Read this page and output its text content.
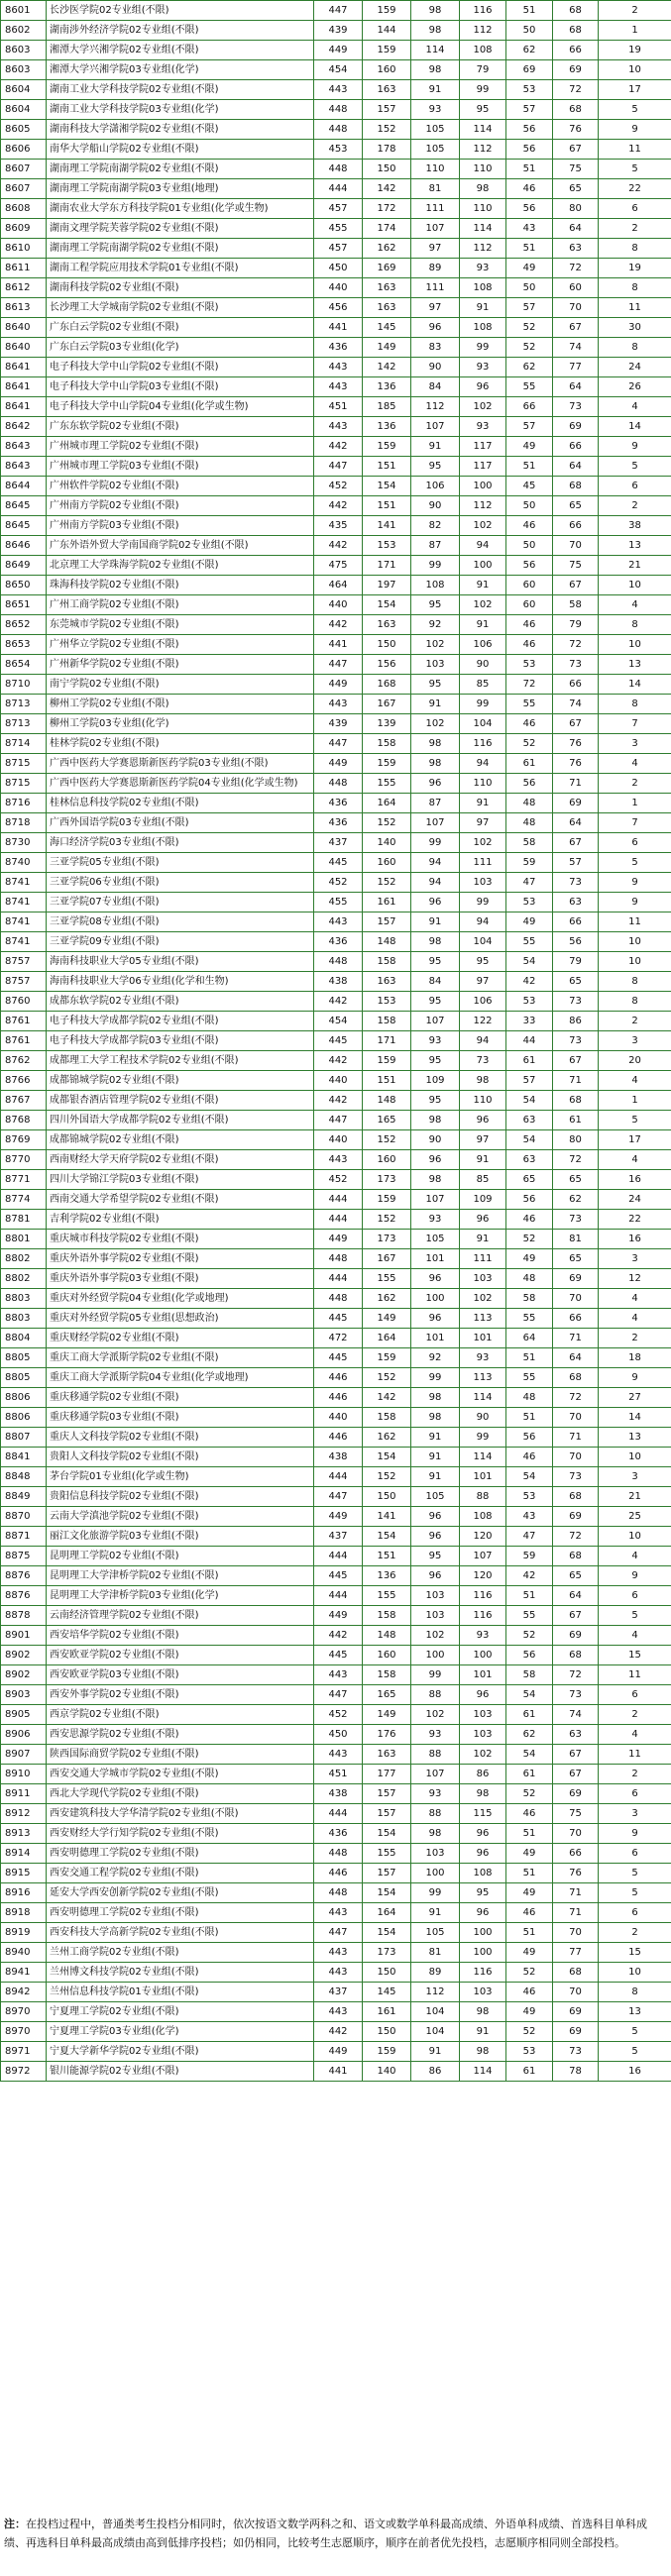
8601	长沙医学院02专业组(不限)	447	159	98	116	51	68	2
8602	湖南涉外经济学院02专业组(不限)	439	144	98	112	50	68	1
8603	湘潭大学兴湘学院02专业组(不限)	449	159	114	108	62	66	19
8603	湘潭大学兴湘学院03专业组(化学)	454	160	98	79	69	69	10
8604	湖南工业大学科技学院02专业组(不限)	443	163	91	99	53	72	17
8604	湖南工业大学科技学院03专业组(化学)	448	157	93	95	57	68	5
8605	湖南科技大学潇湘学院02专业组(不限)	448	152	105	114	56	76	9
8606	南华大学船山学院02专业组(不限)	453	178	105	112	56	67	11
8607	湖南理工学院南湖学院02专业组(不限)	448	150	110	110	51	75	5
8607	湖南理工学院南湖学院03专业组(地理)	444	142	81	98	46	65	22
8608	湖南农业大学东方科技学院01专业组(化学或生物)	457	172	111	110	56	80	6
8609	湖南文理学院芙蓉学院02专业组(不限)	455	174	107	114	43	64	2
8610	湖南理工学院南湖学院02专业组(不限)	457	162	97	112	51	63	8
8611	湖南工程学院应用技术学院01专业组(不限)	450	169	89	93	49	72	19
8612	湖南科技学院02专业组(不限)	440	163	111	108	50	60	8
8613	长沙理工大学城南学院02专业组(不限)	456	163	97	91	57	70	11
8640	广东白云学院02专业组(不限)	441	145	96	108	52	67	30
8640	广东白云学院03专业组(化学)	436	149	83	99	52	74	8
8641	电子科技大学中山学院02专业组(不限)	443	142	90	93	62	77	24
8641	电子科技大学中山学院03专业组(不限)	443	136	84	96	55	64	26
8641	电子科技大学中山学院04专业组(化学或生物)	451	185	112	102	66	73	4
8642	广东东软学院02专业组(不限)	443	136	107	93	57	69	14
8643	广州城市理工学院02专业组(不限)	442	159	91	117	49	66	9
8643	广州城市理工学院03专业组(不限)	447	151	95	117	51	64	5
8644	广州软件学院02专业组(不限)	452	154	106	100	45	68	6
8645	广州南方学院02专业组(不限)	442	151	90	112	50	65	2
8645	广州南方学院03专业组(不限)	435	141	82	102	46	66	38
8646	广东外语外贸大学南国商学院02专业组(不限)	442	153	87	94	50	70	13
8649	北京理工大学珠海学院02专业组(不限)	475	171	99	100	56	75	21
8650	珠海科技学院02专业组(不限)	464	197	108	91	60	67	10
8651	广州工商学院02专业组(不限)	440	154	95	102	60	58	4
8652	东莞城市学院02专业组(不限)	442	163	92	91	46	79	8
8653	广州华立学院02专业组(不限)	441	150	102	106	46	72	10
8654	广州新华学院02专业组(不限)	447	156	103	90	53	73	13
8710	南宁学院02专业组(不限)	449	168	95	85	72	66	14
8713	柳州工学院02专业组(不限)	443	167	91	99	55	74	8
8713	柳州工学院03专业组(化学)	439	139	102	104	46	67	7
8714	桂林学院02专业组(不限)	447	158	98	116	52	76	3
8715	广西中医药大学赛恩斯新医药学院03专业组(不限)	449	159	98	94	61	76	4
8715	广西中医药大学赛恩斯新医药学院04专业组(化学或生物)	448	155	96	110	56	71	2
8716	桂林信息科技学院02专业组(不限)	436	164	87	91	48	69	1
8718	广西外国语学院03专业组(不限)	436	152	107	97	48	64	7
8730	海口经济学院03专业组(不限)	437	140	99	102	58	67	6
8740	三亚学院05专业组(不限)	445	160	94	111	59	57	5
8741	三亚学院06专业组(不限)	452	152	94	103	47	73	9
8741	三亚学院07专业组(不限)	455	161	96	99	53	63	9
8741	三亚学院08专业组(不限)	443	157	91	94	49	66	11
8741	三亚学院09专业组(不限)	436	148	98	104	55	56	10
8757	海南科技职业大学05专业组(不限)	448	158	95	95	54	79	10
8757	海南科技职业大学06专业组(化学和生物)	438	163	84	97	42	65	8
8760	成都东软学院02专业组(不限)	442	153	95	106	53	73	8
8761	电子科技大学成都学院02专业组(不限)	454	158	107	122	33	86	2
8761	电子科技大学成都学院03专业组(不限)	445	171	93	94	44	73	3
8762	成都理工大学工程技术学院02专业组(不限)	442	159	95	73	61	67	20
8766	成都锦城学院02专业组(不限)	440	151	109	98	57	71	4
8767	成都银杏酒店管理学院02专业组(不限)	442	148	95	110	54	68	1
8768	四川外国语大学成都学院02专业组(不限)	447	165	98	96	63	61	5
8769	成都锦城学院02专业组(不限)	440	152	90	97	54	80	17
8770	西南财经大学天府学院02专业组(不限)	443	160	96	91	63	72	4
8771	四川大学锦江学院03专业组(不限)	452	173	98	85	65	65	16
8774	西南交通大学希望学院02专业组(不限)	444	159	107	109	56	62	24
8781	吉利学院02专业组(不限)	444	152	93	96	46	73	22
8801	重庆城市科技学院02专业组(不限)	449	173	105	91	52	81	16
8802	重庆外语外事学院02专业组(不限)	448	167	101	111	49	65	3
8802	重庆外语外事学院03专业组(不限)	444	155	96	103	48	69	12
8803	重庆对外经贸学院04专业组(化学或地理)	448	162	100	102	58	70	4
8803	重庆对外经贸学院05专业组(思想政治)	445	149	96	113	55	66	4
8804	重庆财经学院02专业组(不限)	472	164	101	101	64	71	2
8805	重庆工商大学派斯学院02专业组(不限)	445	159	92	93	51	64	18
8805	重庆工商大学派斯学院04专业组(化学或地理)	446	152	99	113	55	68	9
8806	重庆移通学院02专业组(不限)	446	142	98	114	48	72	27
8806	重庆移通学院03专业组(不限)	440	158	98	90	51	70	14
8807	重庆人文科技学院02专业组(不限)	446	162	91	99	56	71	13
8841	贵阳人文科技学院02专业组(不限)	438	154	91	114	46	70	10
8848	茅台学院01专业组(化学或生物)	444	152	91	101	54	73	3
8849	贵阳信息科技学院02专业组(不限)	447	150	105	88	53	68	21
8870	云南大学滇池学院02专业组(不限)	449	141	96	108	43	69	25
8871	丽江文化旅游学院03专业组(不限)	437	154	96	120	47	72	10
8875	昆明理工学院02专业组(不限)	444	151	95	107	59	68	4
8876	昆明理工大学津桥学院02专业组(不限)	445	136	96	120	42	65	9
8876	昆明理工大学津桥学院03专业组(化学)	444	155	103	116	51	64	6
8878	云南经济管理学院02专业组(不限)	449	158	103	116	55	67	5
8901	西安培华学院02专业组(不限)	442	148	102	93	52	69	4
8902	西安欧亚学院02专业组(不限)	445	160	100	100	56	68	15
8902	西安欧亚学院03专业组(不限)	443	158	99	101	58	72	11
8903	西安外事学院02专业组(不限)	447	165	88	96	54	73	6
8905	西京学院02专业组(不限)	452	149	102	103	61	74	2
8906	西安思源学院02专业组(不限)	450	176	93	103	62	63	4
8907	陕西国际商贸学院02专业组(不限)	443	163	88	102	54	67	11
8910	西安交通大学城市学院02专业组(不限)	451	177	107	86	61	67	2
8911	西北大学现代学院02专业组(不限)	438	157	93	98	52	69	6
8912	西安建筑科技大学华清学院02专业组(不限)	444	157	88	115	46	75	3
8913	西安财经大学行知学院02专业组(不限)	436	154	98	96	51	70	9
8914	西安明德理工学院02专业组(不限)	448	155	103	96	49	66	6
8915	西安交通工程学院02专业组(不限)	446	157	100	108	51	76	5
8916	延安大学西安创新学院02专业组(不限)	448	154	99	95	49	71	5
8918	西安明德理工学院02专业组(不限)	443	164	91	96	46	71	6
8919	西安科技大学高新学院02专业组(不限)	447	154	105	100	51	70	2
8940	兰州工商学院02专业组(不限)	443	173	81	100	49	77	15
8941	兰州博文科技学院02专业组(不限)	443	150	89	116	52	68	10
8942	兰州信息科技学院01专业组(不限)	437	145	112	103	46	70	8
8970	宁夏理工学院02专业组(不限)	443	161	104	98	49	69	13
8970	宁夏理工学院03专业组(化学)	442	150	104	91	52	69	5
8971	宁夏大学新华学院02专业组(不限)	449	159	91	98	53	73	5
8972	银川能源学院02专业组(不限)	441	140	86	114	61	78	16
注：在投档过程中，普通类考生投档分相同时，依次按语文数学两科之和、语文或数学单科最高成绩、外语单科成绩、首选科目单科成绩、再选科目单科最高成绩由高到低排序投档；如仍相同，比较考生志愿顺序，顺序在前者优先投档，志愿顺序相同则全部投档。
